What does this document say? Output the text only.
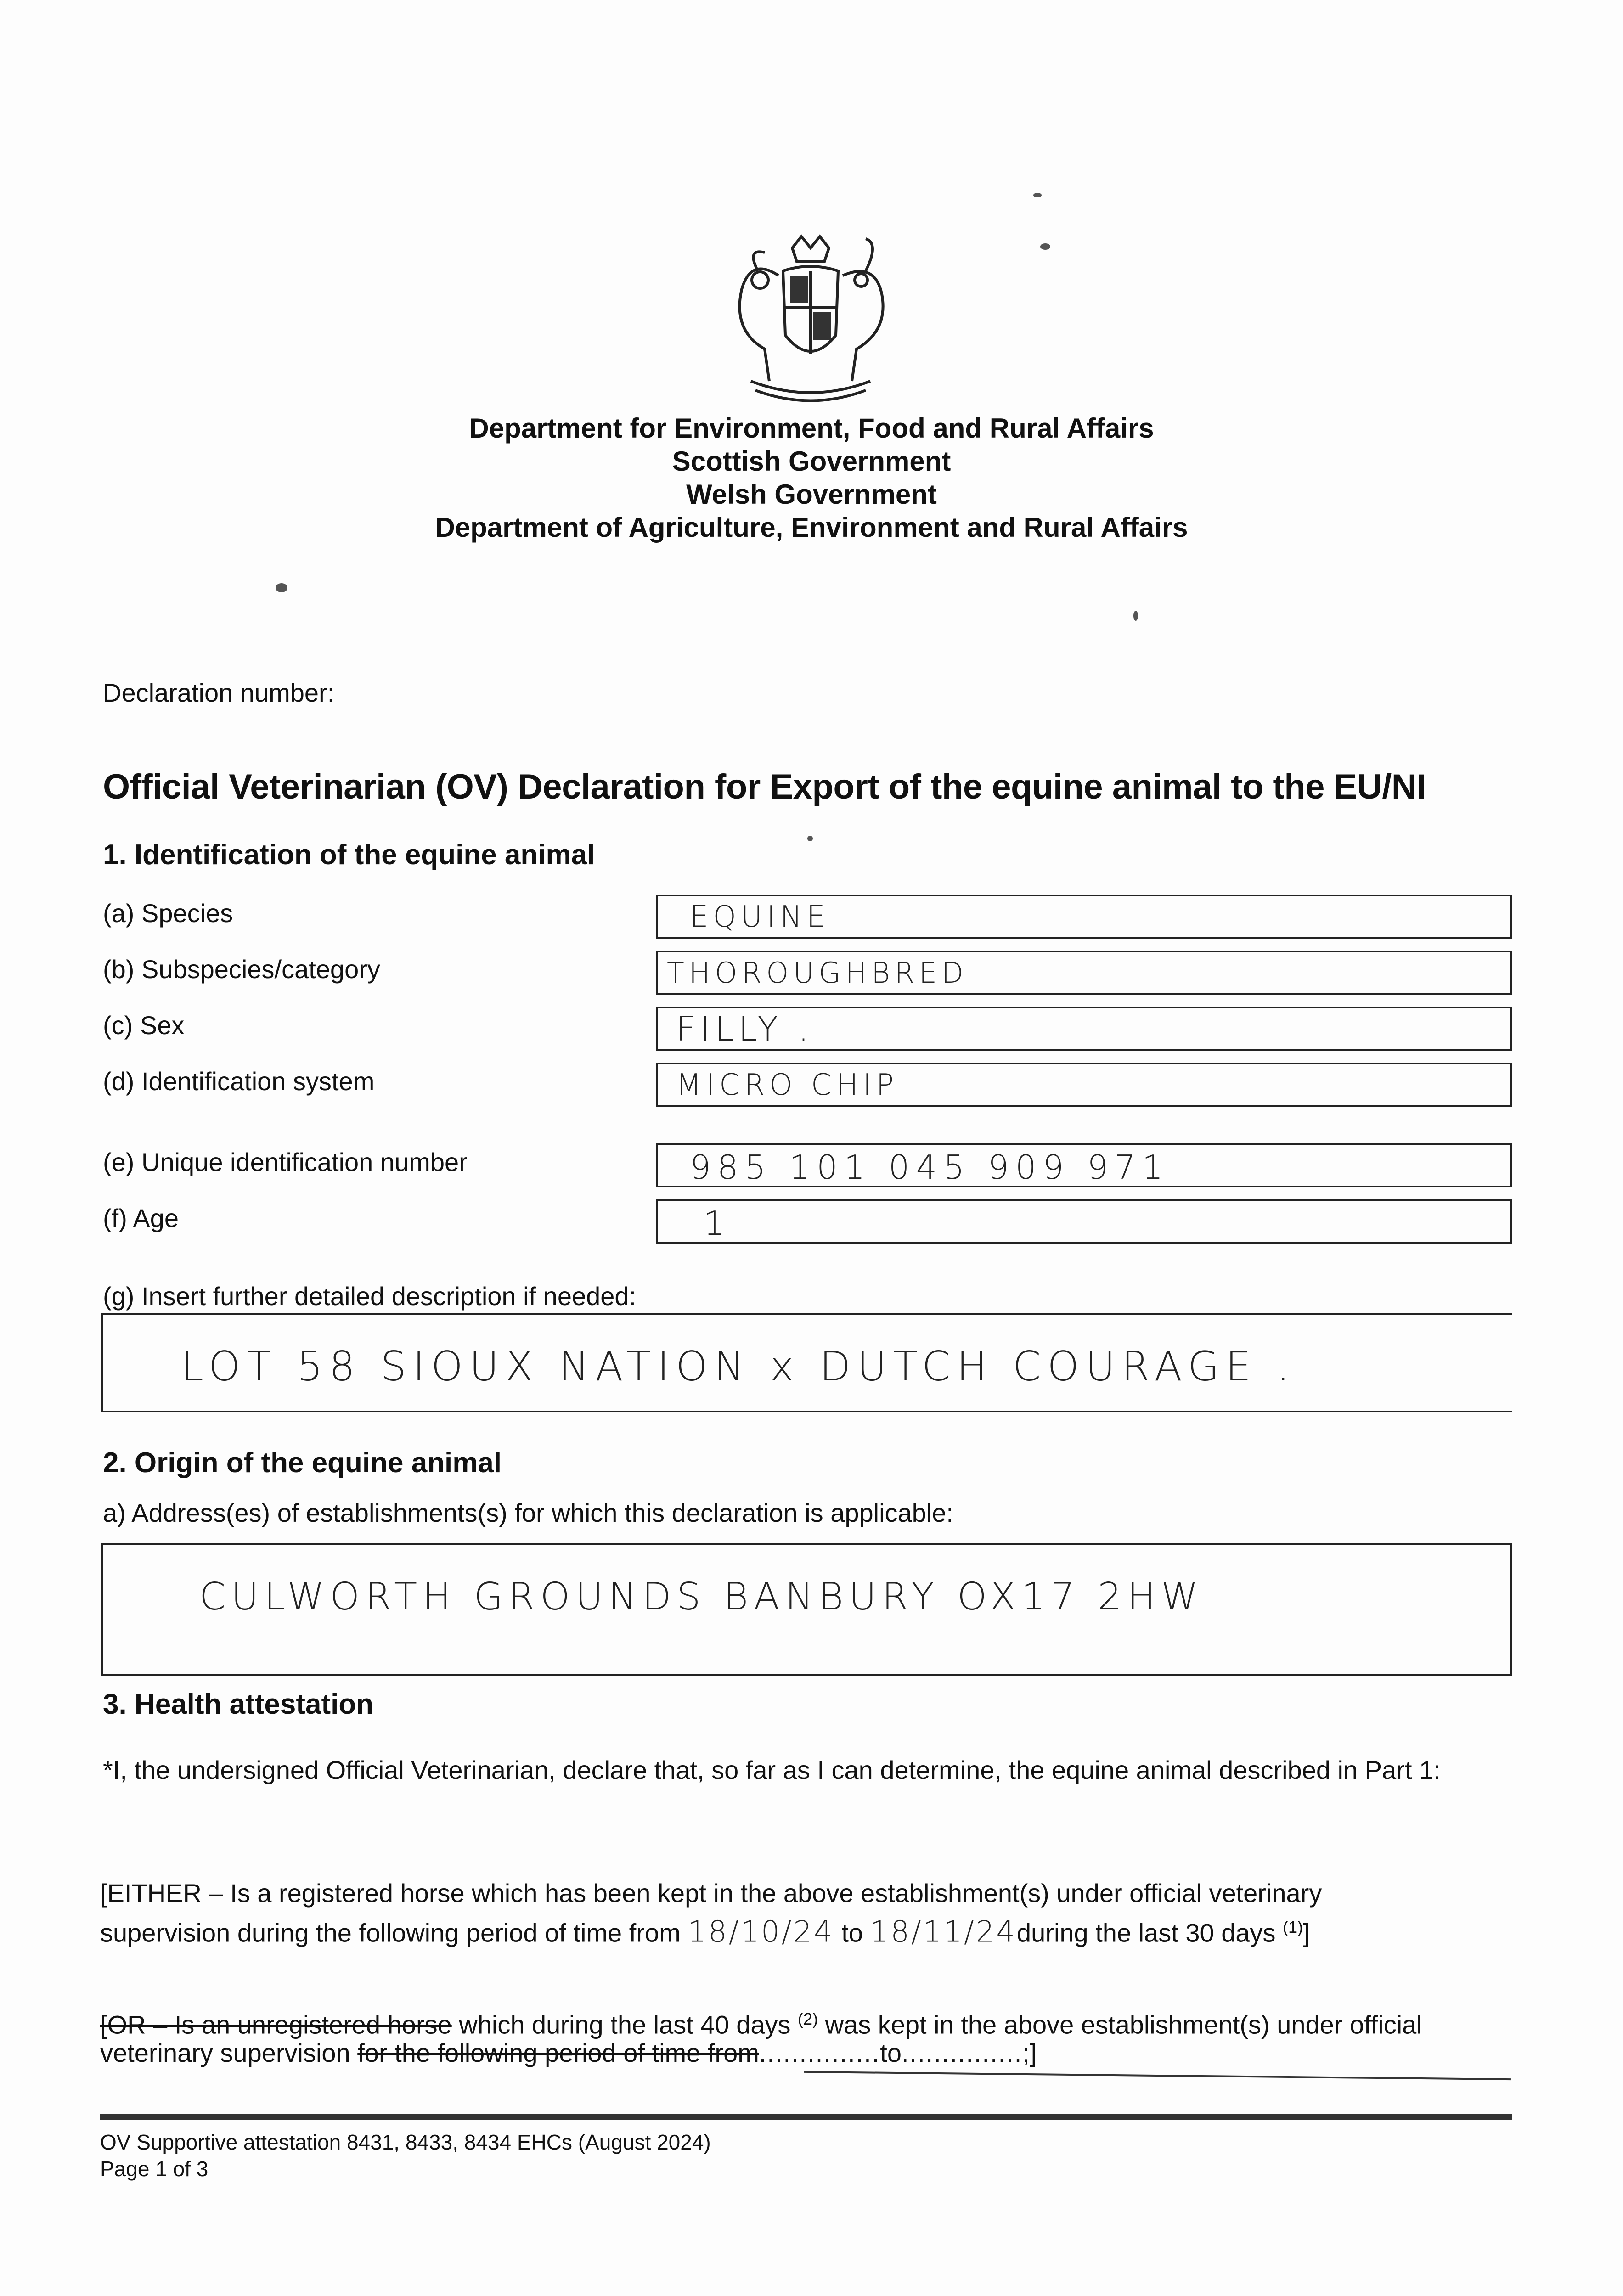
Department for Environment, Food and Rural Affairs
Scottish Government
Welsh Government
Department of Agriculture, Environment and Rural Affairs
Declaration number:
Official Veterinarian (OV) Declaration for Export of the equine animal to the EU/NI
1. Identification of the equine animal
(a) Species	EQUINE
(b) Subspecies/category	THOROUGHBRED
(c) Sex	FILLY .
(d) Identification system	MICRO CHIP
(e) Unique identification number	985 101 045 909 971
(f) Age	1
(g) Insert further detailed description if needed:
LOT 58 SIOUX NATION x DUTCH COURAGE .
2. Origin of the equine animal
a) Address(es) of establishments(s) for which this declaration is applicable:
CULWORTH GROUNDS BANBURY OX17 2HW
3. Health attestation
*I, the undersigned Official Veterinarian, declare that, so far as I can determine, the equine animal described in Part 1:
[EITHER – Is a registered horse which has been kept in the above establishment(s) under official veterinary
supervision during the following period of time from 18/10/24 to 18/11/24during the last 30 days $^{(1)}$]
[OR – Is an unregistered horse which during the last 40 days $^{(2)}$ was kept in the above establishment(s) under official
veterinary supervision for the following period of time from...............to...............;]
OV Supportive attestation 8431, 8433, 8434 EHCs (August 2024)
Page 1 of 3
